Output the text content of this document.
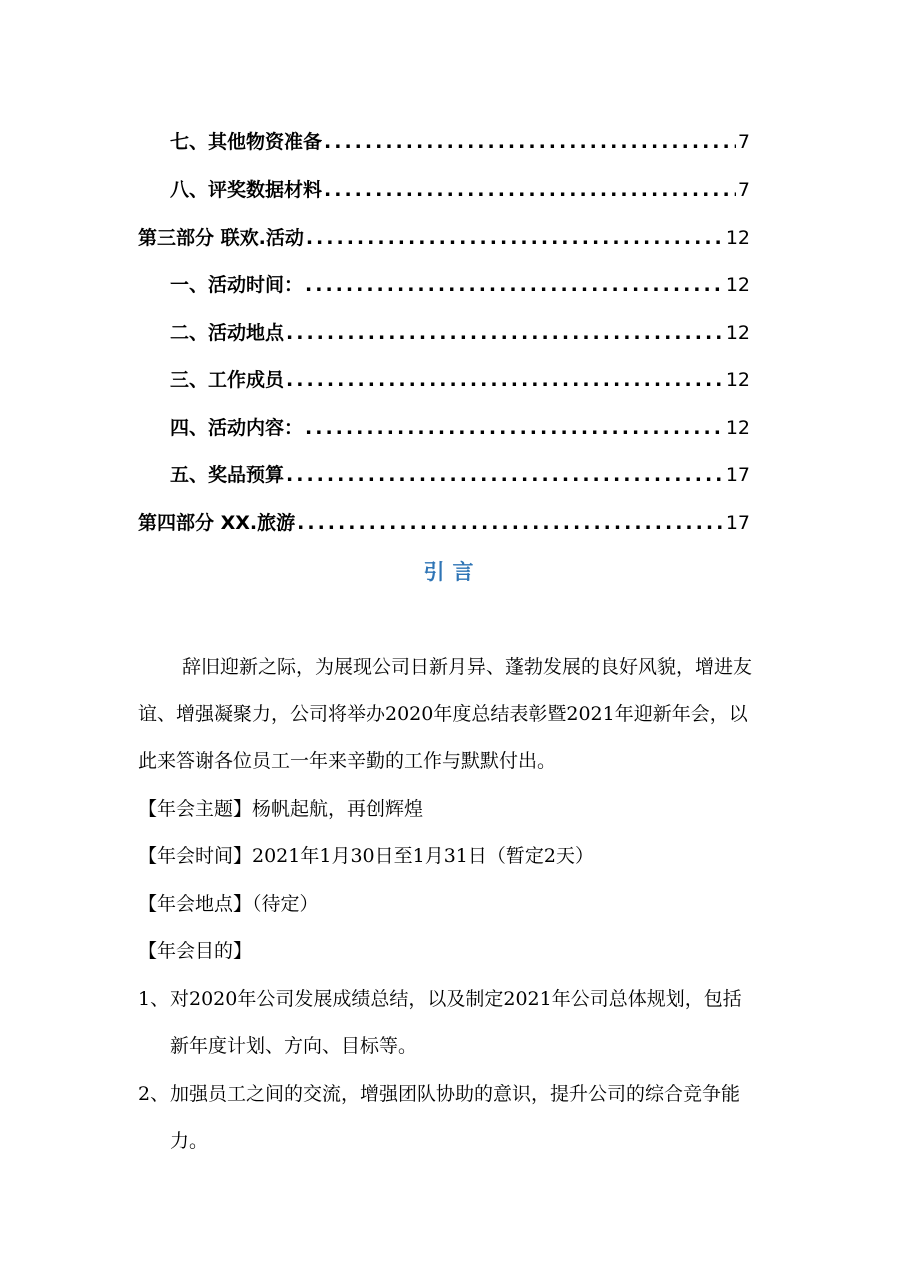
七、其他物资准备 .....	7
八、评奖数据材料 .....	7
第三部分 联欢.活动 .....	12
一、活动时间： .....	12
二、活动地点 .....	12
三、工作成员 .....	12
四、活动内容： .....	12
五、奖品预算 .....	17
第四部分 XX.旅游 .....	17
引言

辞旧迎新之际，为展现公司日新月异、蓬勃发展的良好风貌，增进友谊、增强凝聚力，公司将举办2020年度总结表彰暨2021年迎新年会，以此来答谢各位员工一年来辛勤的工作与默默付出。

【年会主题】杨帆起航，再创辉煌
【年会时间】2021年1月30日至1月31日（暂定2天）
【年会地点】（待定）
【年会目的】
1、 对2020年公司发展成绩总结，以及制定2021年公司总体规划，包括新年度计划、方向、目标等。
2、 加强员工之间的交流，增强团队协助的意识，提升公司的综合竞争能力。
